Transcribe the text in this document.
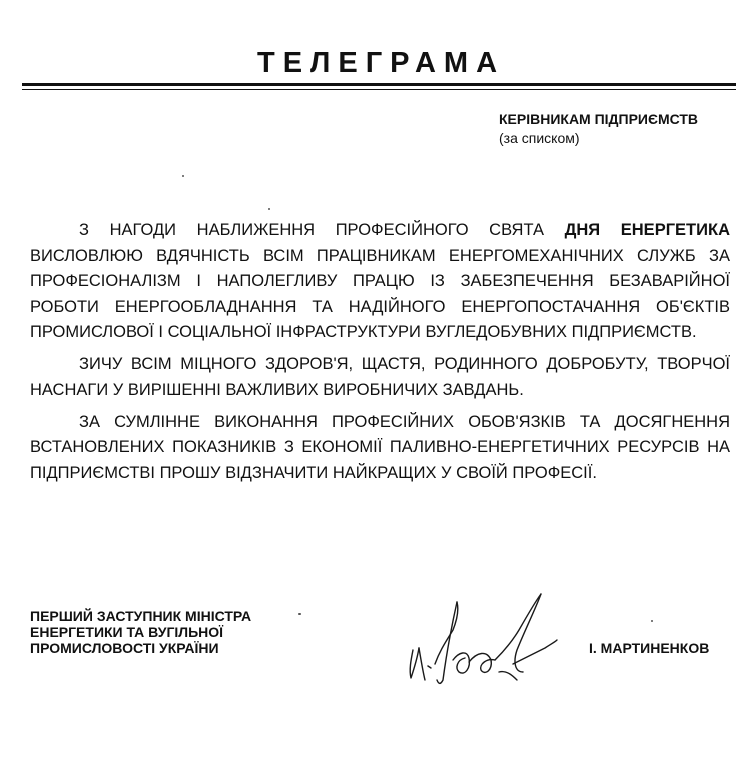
ТЕЛЕГРАМА
КЕРІВНИКАМ ПІДПРИЄМСТВ
(за списком)

З НАГОДИ НАБЛИЖЕННЯ ПРОФЕСІЙНОГО СВЯТА ДНЯ ЕНЕРГЕТИКА ВИСЛОВЛЮЮ ВДЯЧНІСТЬ ВСІМ ПРАЦІВНИКАМ ЕНЕРГОМЕХАНІЧНИХ СЛУЖБ ЗА ПРОФЕСІОНАЛІЗМ І НАПОЛЕГЛИВУ ПРАЦЮ ІЗ ЗАБЕЗПЕЧЕННЯ БЕЗАВАРІЙНОЇ РОБОТИ ЕНЕРГООБЛАДНАННЯ ТА НАДІЙНОГО ЕНЕРГОПОСТАЧАННЯ ОБ'ЄКТІВ ПРОМИСЛОВОЇ І СОЦІАЛЬНОЇ ІНФРАСТРУКТУРИ ВУГЛЕДОБУВНИХ ПІДПРИЄМСТВ.

ЗИЧУ ВСІМ МІЦНОГО ЗДОРОВ'Я, ЩАСТЯ, РОДИННОГО ДОБРОБУТУ, ТВОРЧОЇ НАСНАГИ У ВИРІШЕННІ ВАЖЛИВИХ ВИРОБНИЧИХ ЗАВДАНЬ.

ЗА СУМЛІННЕ ВИКОНАННЯ ПРОФЕСІЙНИХ ОБОВ'ЯЗКІВ ТА ДОСЯГНЕННЯ ВСТАНОВЛЕНИХ ПОКАЗНИКІВ З ЕКОНОМІЇ ПАЛИВНО-ЕНЕРГЕТИЧНИХ РЕСУРСІВ НА ПІДПРИЄМСТВІ ПРОШУ ВІДЗНАЧИТИ НАЙКРАЩИХ У СВОЇЙ ПРОФЕСІЇ.

ПЕРШИЙ ЗАСТУПНИК МІНІСТРА
ЕНЕРГЕТИКИ ТА ВУГІЛЬНОЇ
ПРОМИСЛОВОСТІ УКРАЇНИ	І. МАРТИНЕНКОВ
